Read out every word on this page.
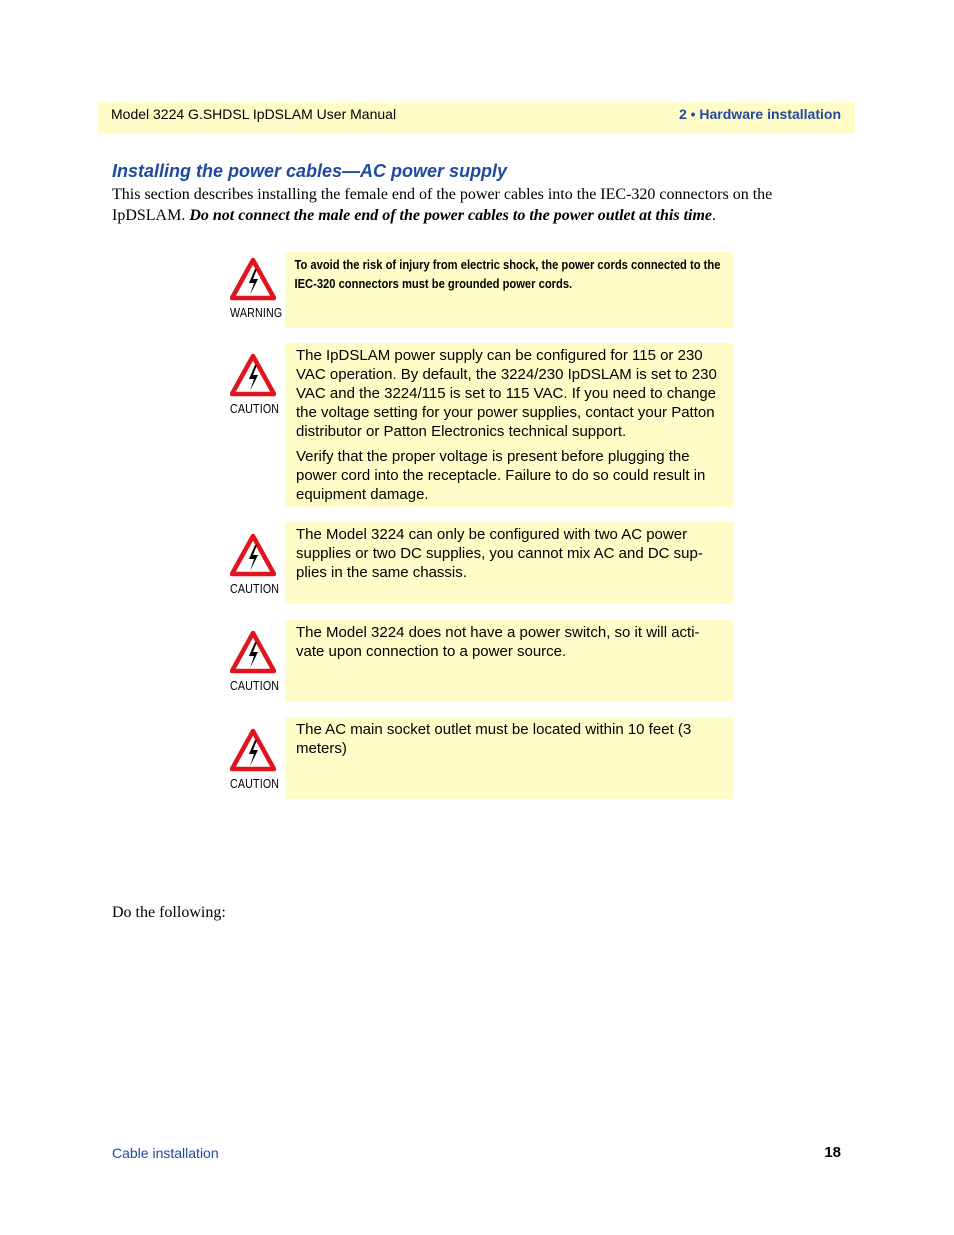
Model 3224 G.SHDSL IpDSLAM User Manual	2 • Hardware installation
Installing the power cables—AC power supply
This section describes installing the female end of the power cables into the IEC-320 connectors on the IpDSLAM. Do not connect the male end of the power cables to the power outlet at this time.
WARNING

To avoid the risk of injury from electric shock, the power cords connected to the IEC-320 connectors must be grounded power cords.

CAUTION

The IpDSLAM power supply can be configured for 115 or 230 VAC operation. By default, the 3224/230 IpDSLAM is set to 230 VAC and the 3224/115 is set to 115 VAC. If you need to change the voltage setting for your power supplies, contact your Patton distributor or Patton Electronics technical support.

Verify that the proper voltage is present before plugging the power cord into the receptacle. Failure to do so could result in equipment damage.

CAUTION

The Model 3224 can only be configured with two AC power supplies or two DC supplies, you cannot mix AC and DC sup-plies in the same chassis.

CAUTION

The Model 3224 does not have a power switch, so it will acti-vate upon connection to a power source.

CAUTION

The AC main socket outlet must be located within 10 feet (3 meters)

Do the following:
Cable installation	18
